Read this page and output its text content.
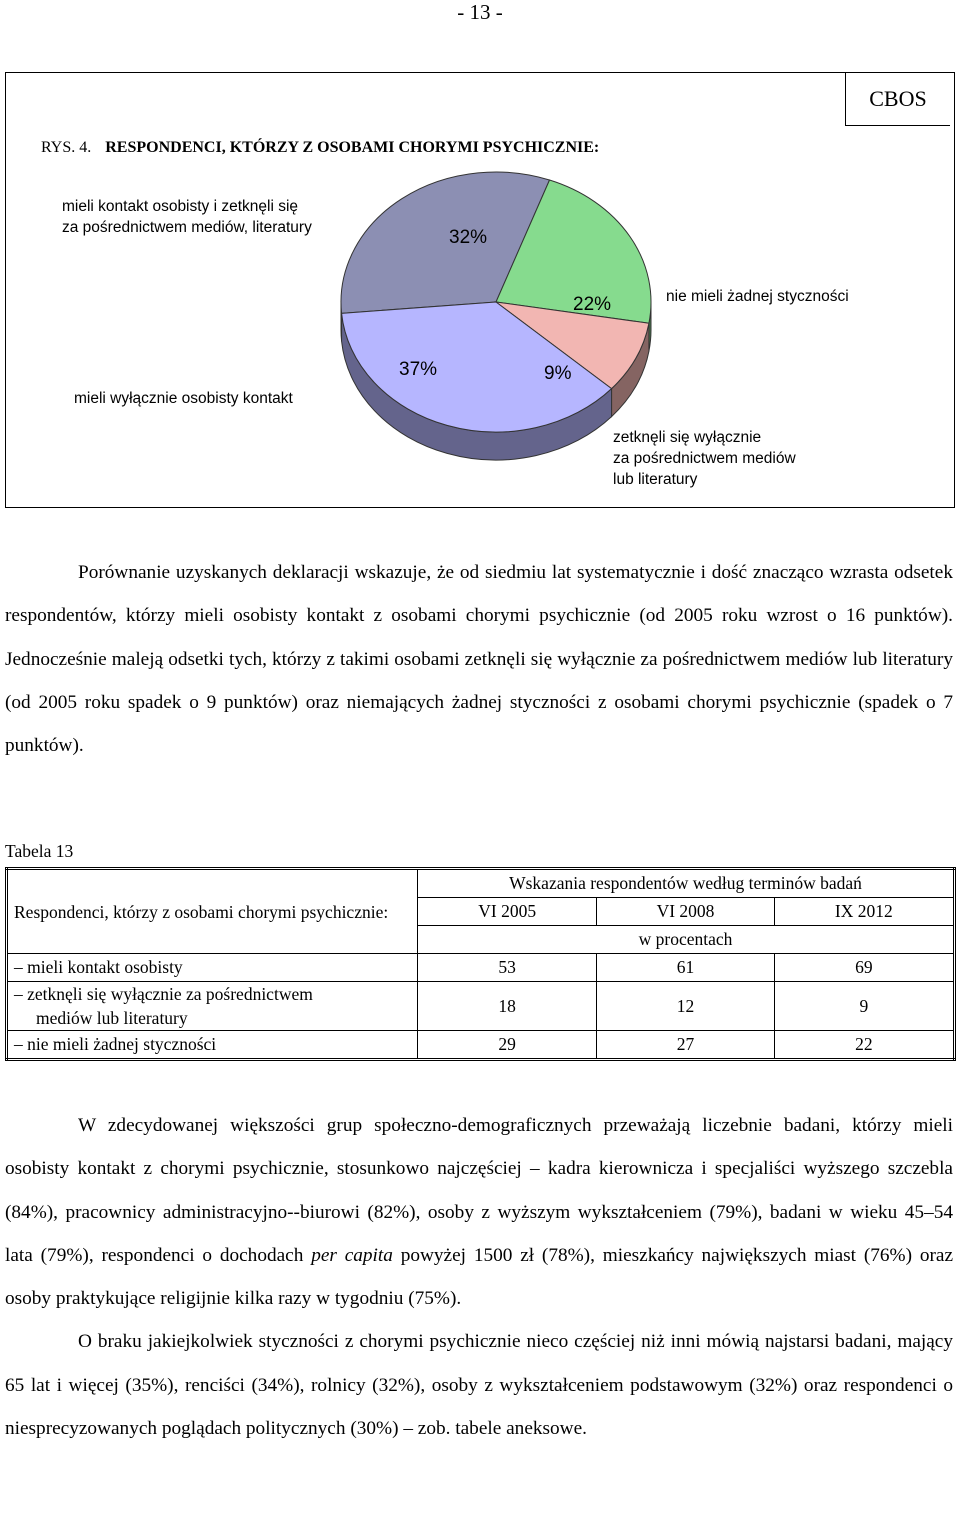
- 13 -
CBOS
RYS. 4. RESPONDENCI, KTÓRZY Z OSOBAMI CHORYMI PSYCHICZNIE:
mieli kontakt osobisty i zetknęli się
za pośrednictwem mediów, literatury
nie mieli żadnej styczności
mieli wyłącznie osobisty kontakt
zetknęli się wyłącznie
za pośrednictwem mediów
lub literatury
32%
22%
9%
37%

Porównanie uzyskanych deklaracji wskazuje, że od siedmiu lat systematycznie i dość znacząco wzrasta odsetek respondentów, którzy mieli osobisty kontakt z osobami chorymi psychicznie (od 2005 roku wzrost o 16 punktów). Jednocześnie maleją odsetki tych, którzy z takimi osobami zetknęli się wyłącznie za pośrednictwem mediów lub literatury (od 2005 roku spadek o 9 punktów) oraz niemających żadnej styczności z osobami chorymi psychicznie (spadek o 7 punktów).

Tabela 13
Respondenci, którzy z osobami chorymi psychicznie:	Wskazania respondentów według terminów badań		
	VI 2005	VI 2008	IX 2012
	w procentach		
– mieli kontakt osobisty	53	61	69

– zetknęli się wyłącznie za pośrednictwem
mediów lub literatury	18	12	9
– nie mieli żadnej styczności	29	27	22

W zdecydowanej większości grup społeczno-demograficznych przeważają liczebnie badani, którzy mieli osobisty kontakt z chorymi psychicznie, stosunkowo najczęściej – kadra kierownicza i specjaliści wyższego szczebla (84%), pracownicy administracyjno--biurowi (82%), osoby z wyższym wykształceniem (79%), badani w wieku 45–54 lata (79%), respondenci o dochodach per capita powyżej 1500 zł (78%), mieszkańcy największych miast (76%) oraz osoby praktykujące religijnie kilka razy w tygodniu (75%).

O braku jakiejkolwiek styczności z chorymi psychicznie nieco częściej niż inni mówią najstarsi badani, mający 65 lat i więcej (35%), renciści (34%), rolnicy (32%), osoby z wykształceniem podstawowym (32%) oraz respondenci o niesprecyzowanych poglądach politycznych (30%) – zob. tabele aneksowe.
